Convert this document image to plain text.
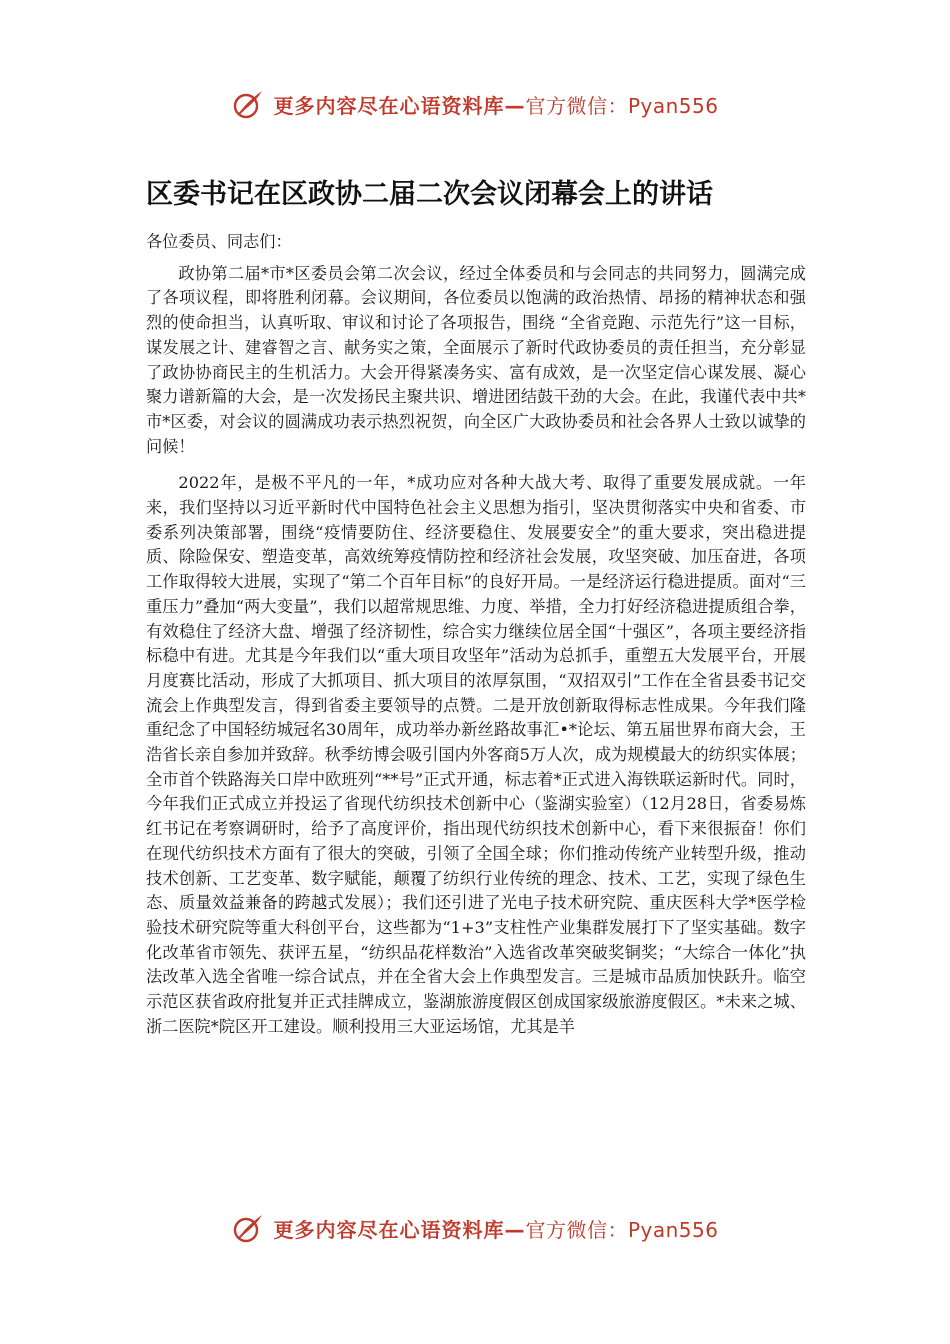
更多内容尽在心语资料库— 官方微信：Pyan556
区委书记在区政协二届二次会议闭幕会上的讲话

各位委员、同志们：

政协第二届*市*区委员会第二次会议，经过全体委员和与会同志的共同努力，圆满完成了各项议程，即将胜利闭幕。会议期间，各位委员以饱满的政治热情、昂扬的精神状态和强烈的使命担当，认真听取、审议和讨论了各项报告，围绕 “全省竞跑、示范先行”这一目标，谋发展之计、建睿智之言、献务实之策，全面展示了新时代政协委员的责任担当，充分彰显了政协协商民主的生机活力。大会开得紧凑务实、富有成效，是一次坚定信心谋发展、凝心聚力谱新篇的大会，是一次发扬民主聚共识、增进团结鼓干劲的大会。在此，我谨代表中共*市*区委，对会议的圆满成功表示热烈祝贺，向全区广大政协委员和社会各界人士致以诚挚的问候！

2022年，是极不平凡的一年，*成功应对各种大战大考、取得了重要发展成就。一年来，我们坚持以习近平新时代中国特色社会主义思想为指引，坚决贯彻落实中央和省委、市委系列决策部署，围绕“疫情要防住、经济要稳住、发展要安全”的重大要求，突出稳进提质、除险保安、塑造变革，高效统筹疫情防控和经济社会发展，攻坚突破、加压奋进，各项工作取得较大进展，实现了“第二个百年目标”的良好开局。一是经济运行稳进提质。面对“三重压力”叠加“两大变量”，我们以超常规思维、力度、举措，全力打好经济稳进提质组合拳，有效稳住了经济大盘、增强了经济韧性，综合实力继续位居全国“十强区”，各项主要经济指标稳中有进。尤其是今年我们以“重大项目攻坚年”活动为总抓手，重塑五大发展平台，开展月度赛比活动，形成了大抓项目、抓大项目的浓厚氛围，“双招双引”工作在全省县委书记交流会上作典型发言，得到省委主要领导的点赞。二是开放创新取得标志性成果。今年我们隆重纪念了中国轻纺城冠名30周年，成功举办新丝路故事汇•*论坛、第五届世界布商大会，王浩省长亲自参加并致辞。秋季纺博会吸引国内外客商5万人次，成为规模最大的纺织实体展；全市首个铁路海关口岸中欧班列“**号”正式开通，标志着*正式进入海铁联运新时代。同时，今年我们正式成立并投运了省现代纺织技术创新中心（鉴湖实验室）（12月28日，省委易炼红书记在考察调研时，给予了高度评价，指出现代纺织技术创新中心，看下来很振奋！你们在现代纺织技术方面有了很大的突破，引领了全国全球；你们推动传统产业转型升级，推动技术创新、工艺变革、数字赋能，颠覆了纺织行业传统的理念、技术、工艺，实现了绿色生态、质量效益兼备的跨越式发展）；我们还引进了光电子技术研究院、重庆医科大学*医学检验技术研究院等重大科创平台，这些都为“1+3”支柱性产业集群发展打下了坚实基础。数字化改革省市领先、获评五星，“纺织品花样数治”入选省改革突破奖铜奖；“大综合一体化”执法改革入选全省唯一综合试点，并在全省大会上作典型发言。三是城市品质加快跃升。临空示范区获省政府批复并正式挂牌成立，鉴湖旅游度假区创成国家级旅游度假区。*未来之城、浙二医院*院区开工建设。顺利投用三大亚运场馆，尤其是羊

更多内容尽在心语资料库— 官方微信：Pyan556
